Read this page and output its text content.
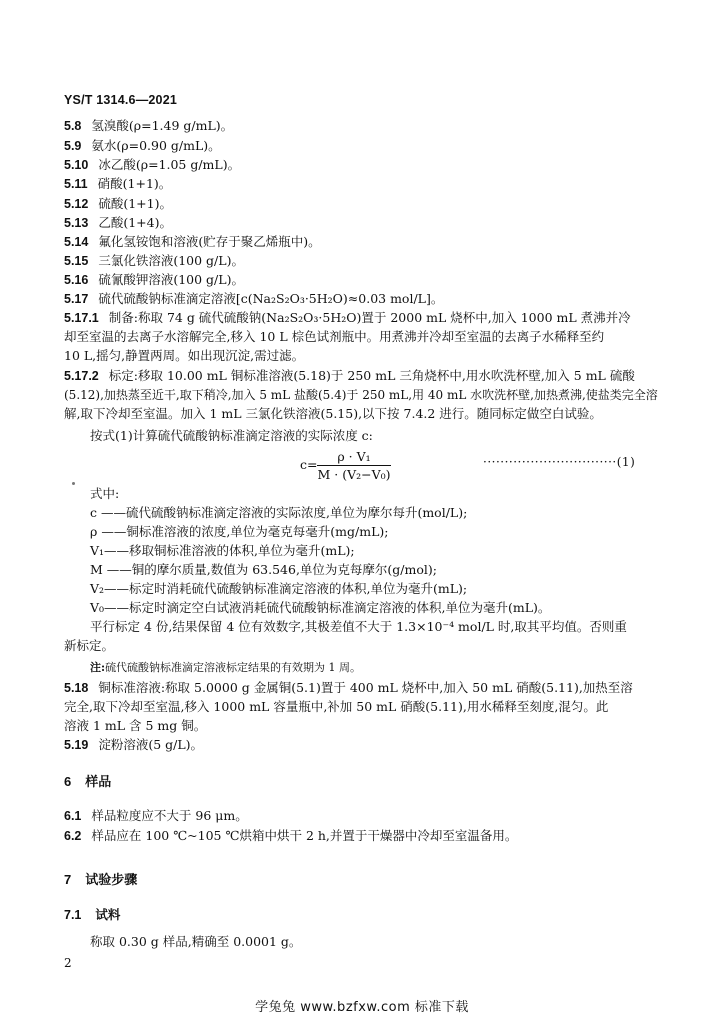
YS/T 1314.6—2021
5.8 氢溴酸(ρ=1.49 g/mL)。
5.9 氨水(ρ=0.90 g/mL)。
5.10 冰乙酸(ρ=1.05 g/mL)。
5.11 硝酸(1+1)。
5.12 硫酸(1+1)。
5.13 乙酸(1+4)。
5.14 氟化氢铵饱和溶液(贮存于聚乙烯瓶中)。
5.15 三氯化铁溶液(100 g/L)。
5.16 硫氰酸钾溶液(100 g/L)。
5.17 硫代硫酸钠标准滴定溶液[c(Na₂S₂O₃·5H₂O)≈0.03 mol/L]。
5.17.1 制备:称取 74 g 硫代硫酸钠(Na₂S₂O₃·5H₂O)置于 2000 mL 烧杯中,加入 1000 mL 煮沸并冷
却至室温的去离子水溶解完全,移入 10 L 棕色试剂瓶中。用煮沸并冷却至室温的去离子水稀释至约
10 L,摇匀,静置两周。如出现沉淀,需过滤。
5.17.2 标定:移取 10.00 mL 铜标准溶液(5.18)于 250 mL 三角烧杯中,用水吹洗杯壁,加入 5 mL 硫酸
(5.12),加热蒸至近干,取下稍冷,加入 5 mL 盐酸(5.4)于 250 mL,用 40 mL 水吹洗杯壁,加热煮沸,使盐类完全溶
解,取下冷却至室温。加入 1 mL 三氯化铁溶液(5.15),以下按 7.4.2 进行。随同标定做空白试验。
按式(1)计算硫代硫酸钠标准滴定溶液的实际浓度 c:
$c= \frac{\text{ρ · V₁}}{\text{M · (V₂−V₀)}}$	·······························(1)
式中:
c ——硫代硫酸钠标准滴定溶液的实际浓度,单位为摩尔每升(mol/L);
ρ ——铜标准溶液的浓度,单位为毫克每毫升(mg/mL);
V₁——移取铜标准溶液的体积,单位为毫升(mL);
M ——铜的摩尔质量,数值为 63.546,单位为克每摩尔(g/mol);
V₂——标定时消耗硫代硫酸钠标准滴定溶液的体积,单位为毫升(mL);
V₀——标定时滴定空白试液消耗硫代硫酸钠标准滴定溶液的体积,单位为毫升(mL)。
平行标定 4 份,结果保留 4 位有效数字,其极差值不大于 1.3×10⁻⁴ mol/L 时,取其平均值。否则重
新标定。
注:硫代硫酸钠标准滴定溶液标定结果的有效期为 1 周。
5.18 铜标准溶液:称取 5.0000 g 金属铜(5.1)置于 400 mL 烧杯中,加入 50 mL 硝酸(5.11),加热至溶
完全,取下冷却至室温,移入 1000 mL 容量瓶中,补加 50 mL 硝酸(5.11),用水稀释至刻度,混匀。此
溶液 1 mL 含 5 mg 铜。
5.19 淀粉溶液(5 g/L)。
6 样品
6.1 样品粒度应不大于 96 μm。
6.2 样品应在 100 ℃~105 ℃烘箱中烘干 2 h,并置于干燥器中冷却至室温备用。
7 试验步骤
7.1 试料
称取 0.30 g 样品,精确至 0.0001 g。
2
学兔兔 www.bzfxw.com 标准下载
